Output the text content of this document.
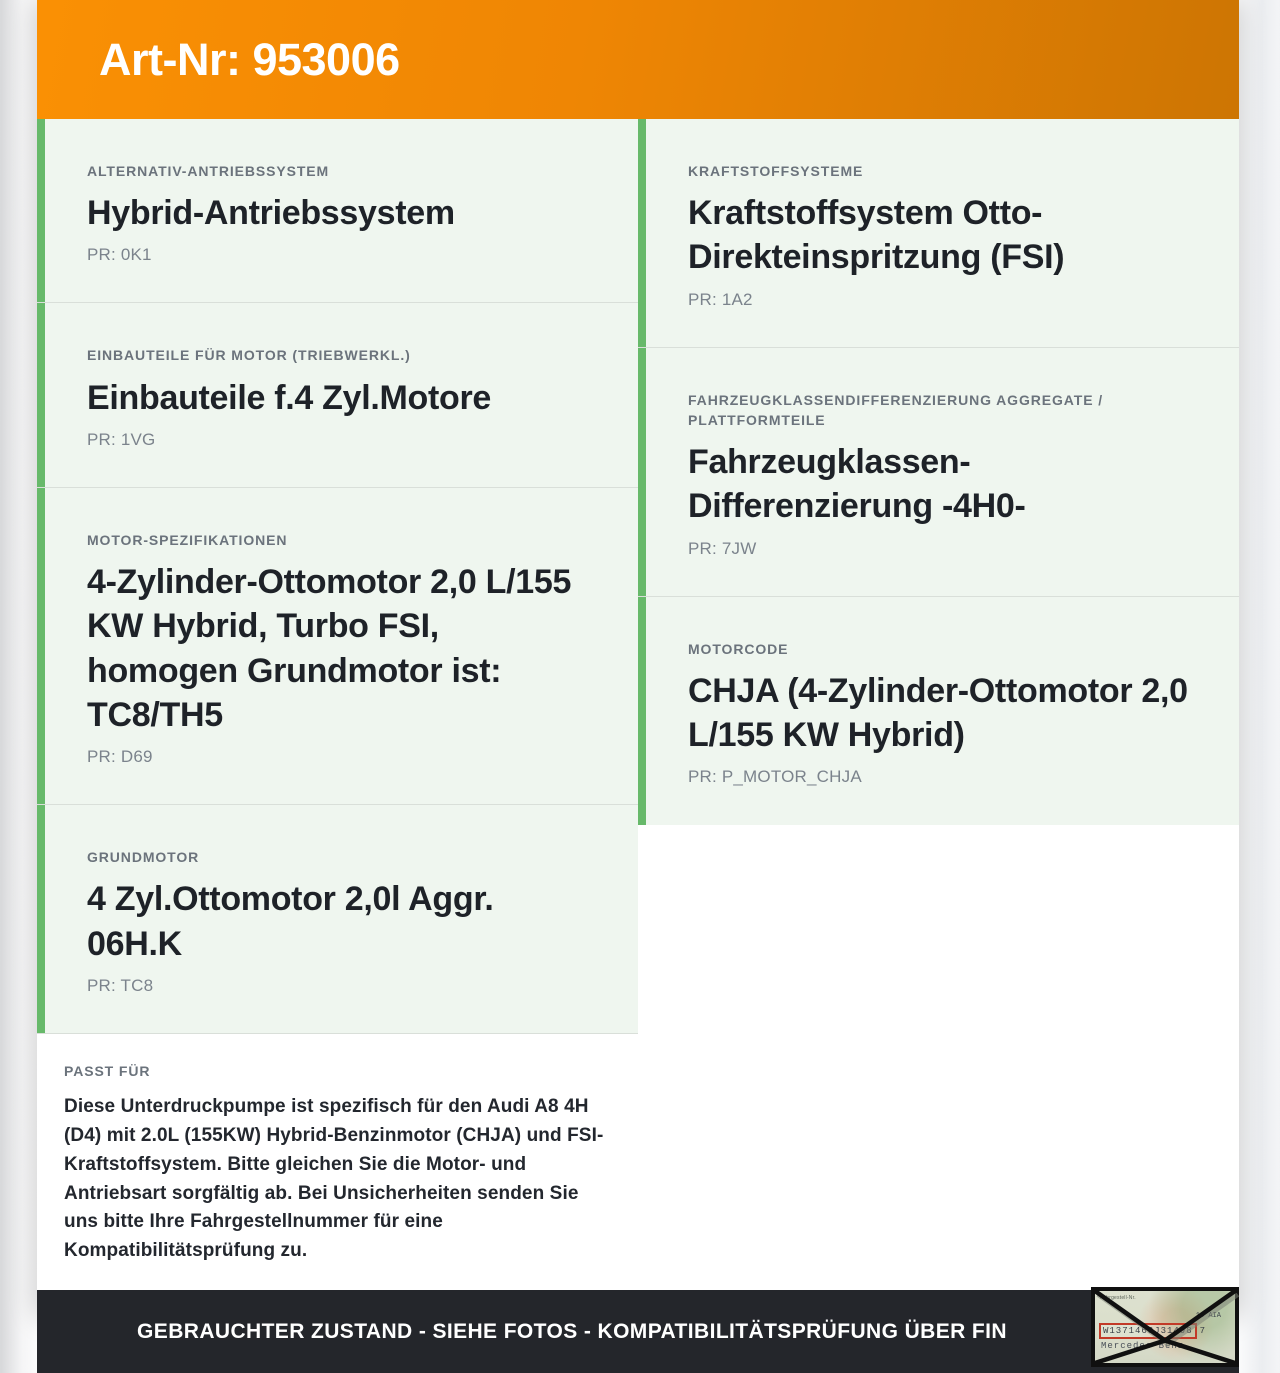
Art-Nr: 953006
ALTERNATIV-ANTRIEBSSYSTEM
Hybrid-Antriebssystem
PR: 0K1
EINBAUTEILE FÜR MOTOR (TRIEBWERKL.)
Einbauteile f.4 Zyl.Motore
PR: 1VG
MOTOR-SPEZIFIKATIONEN
4-Zylinder-Ottomotor 2,0 L/155 KW Hybrid, Turbo FSI, homogen Grundmotor ist: TC8/TH5
PR: D69
GRUNDMOTOR
4 Zyl.Ottomotor 2,0l Aggr. 06H.K
PR: TC8
PASST FÜR

Diese Unterdruckpumpe ist spezifisch für den Audi A8 4H (D4) mit 2.0L (155KW) Hybrid-Benzinmotor (CHJA) und FSI-Kraftstoffsystem. Bitte gleichen Sie die Motor- und Antriebsart sorgfältig ab. Bei Unsicherheiten senden Sie uns bitte Ihre Fahrgestellnummer für eine Kompatibilitätsprüfung zu.

KRAFTSTOFFSYSTEME
Kraftstoffsystem Otto-Direkteinspritzung (FSI)
PR: 1A2
FAHRZEUGKLASSENDIFFERENZIERUNG AGGREGATE / PLATTFORMTEILE
Fahrzeugklassen-Differenzierung -4H0-
PR: 7JW
MOTORCODE
CHJA (4-Zylinder-Ottomotor 2,0 L/155 KW Hybrid)
PR: P_MOTOR_CHJA
GEBRAUCHTER ZUSTAND - SIEHE FOTOS - KOMPATIBILITÄTSPRÜFUNG ÜBER FIN
Fahrgestell-Nr.
14 AIA
Mercedes-Benz
W1371463J31498 7
